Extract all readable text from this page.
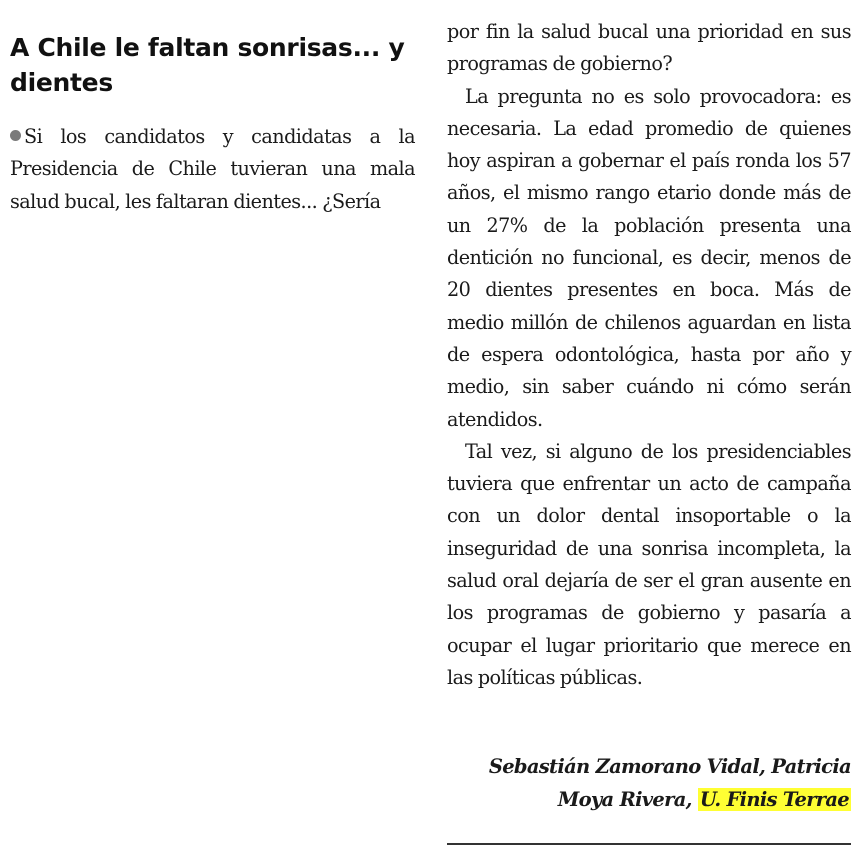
A Chile le faltan sonrisas... y dientes

Si los candidatos y candidatas a la Presidencia de Chile tuvieran una mala salud bucal, les faltaran dientes... ¿Sería

por fin la salud bucal una prioridad en sus programas de gobierno?

La pregunta no es solo provocadora: es necesaria. La edad promedio de quienes hoy aspiran a gobernar el país ronda los 57 años, el mismo rango etario donde más de un 27% de la población presenta una dentición no funcional, es decir, menos de 20 dientes presentes en boca. Más de medio millón de chilenos aguardan en lista de espera odontológica, hasta por año y medio, sin saber cuándo ni cómo serán atendidos.

Tal vez, si alguno de los presidenciables tuviera que enfrentar un acto de campaña con un dolor dental insoportable o la inseguridad de una sonrisa incompleta, la salud oral dejaría de ser el gran ausente en los programas de gobierno y pasaría a ocupar el lugar prioritario que merece en las políticas públicas.

Sebastián Zamorano Vidal, Patricia Moya Rivera, U. Finis Terrae
